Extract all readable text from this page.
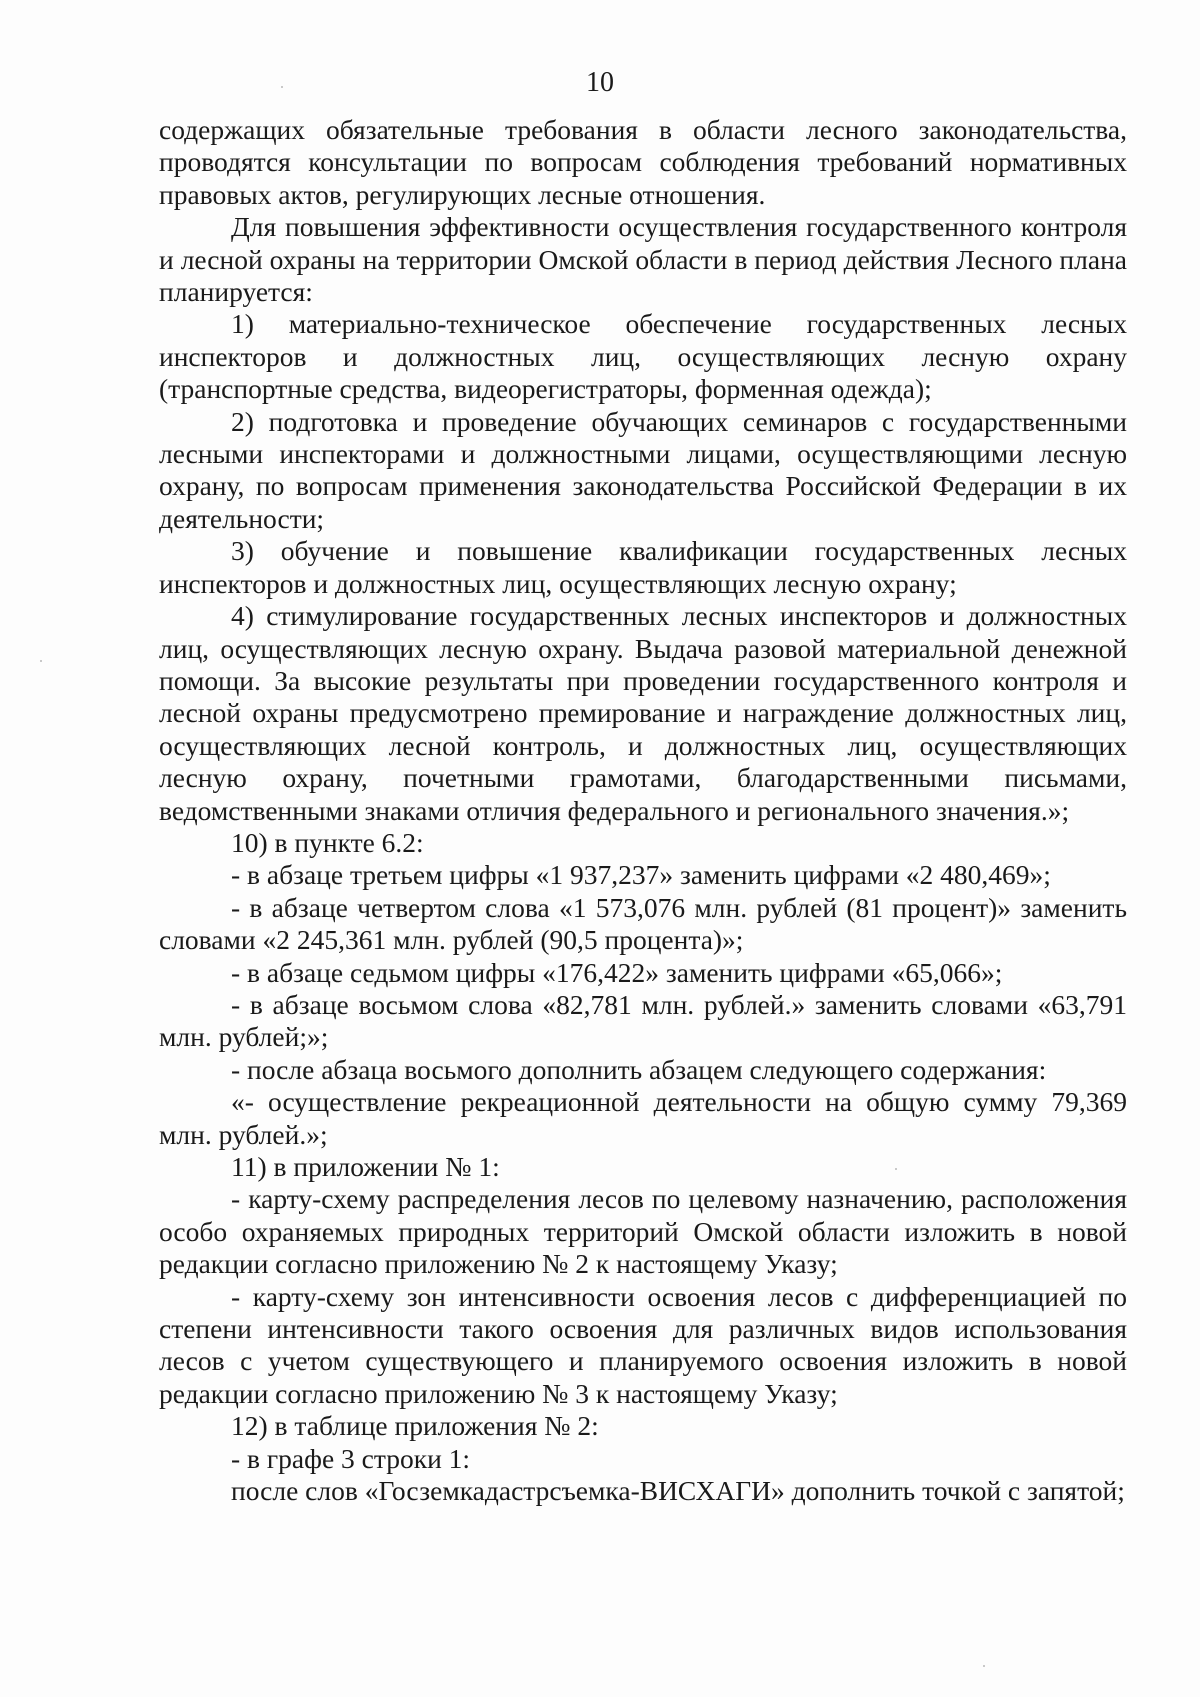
10

содержащих обязательные требования в области лесного законодательства, проводятся консультации по вопросам соблюдения требований нормативных правовых актов, регулирующих лесные отношения.

Для повышения эффективности осуществления государственного контроля и лесной охраны на территории Омской области в период действия Лесного плана планируется:

1) материально-техническое обеспечение государственных лесных инспекторов и должностных лиц, осуществляющих лесную охрану (транспортные средства, видеорегистраторы, форменная одежда);

2) подготовка и проведение обучающих семинаров с государственными лесными инспекторами и должностными лицами, осуществляющими лесную охрану, по вопросам применения законодательства Российской Федерации в их деятельности;

3) обучение и повышение квалификации государственных лесных инспекторов и должностных лиц, осуществляющих лесную охрану;

4) стимулирование государственных лесных инспекторов и должностных лиц, осуществляющих лесную охрану. Выдача разовой материальной денежной помощи. За высокие результаты при проведении государственного контроля и лесной охраны предусмотрено премирование и награждение должностных лиц, осуществляющих лесной контроль, и должностных лиц, осуществляющих лесную охрану, почетными грамотами, благодарственными письмами, ведомственными знаками отличия федерального и регионального значения.»;

10) в пункте 6.2:

- в абзаце третьем цифры «1 937,237» заменить цифрами «2 480,469»;

- в абзаце четвертом слова «1 573,076 млн. рублей (81 процент)» заменить словами «2 245,361 млн. рублей (90,5 процента)»;

- в абзаце седьмом цифры «176,422» заменить цифрами «65,066»;

- в абзаце восьмом слова «82,781 млн. рублей.» заменить словами «63,791 млн. рублей;»;

- после абзаца восьмого дополнить абзацем следующего содержания:

«- осуществление рекреационной деятельности на общую сумму 79,369 млн. рублей.»;

11) в приложении № 1:

- карту-схему распределения лесов по целевому назначению, расположения особо охраняемых природных территорий Омской области изложить в новой редакции согласно приложению № 2 к настоящему Указу;

- карту-схему зон интенсивности освоения лесов с дифференциацией по степени интенсивности такого освоения для различных видов использования лесов с учетом существующего и планируемого освоения изложить в новой редакции согласно приложению № 3 к настоящему Указу;

12) в таблице приложения № 2:

- в графе 3 строки 1:

после слов «Госземкадастрсъемка-ВИСХАГИ» дополнить точкой с запятой;
